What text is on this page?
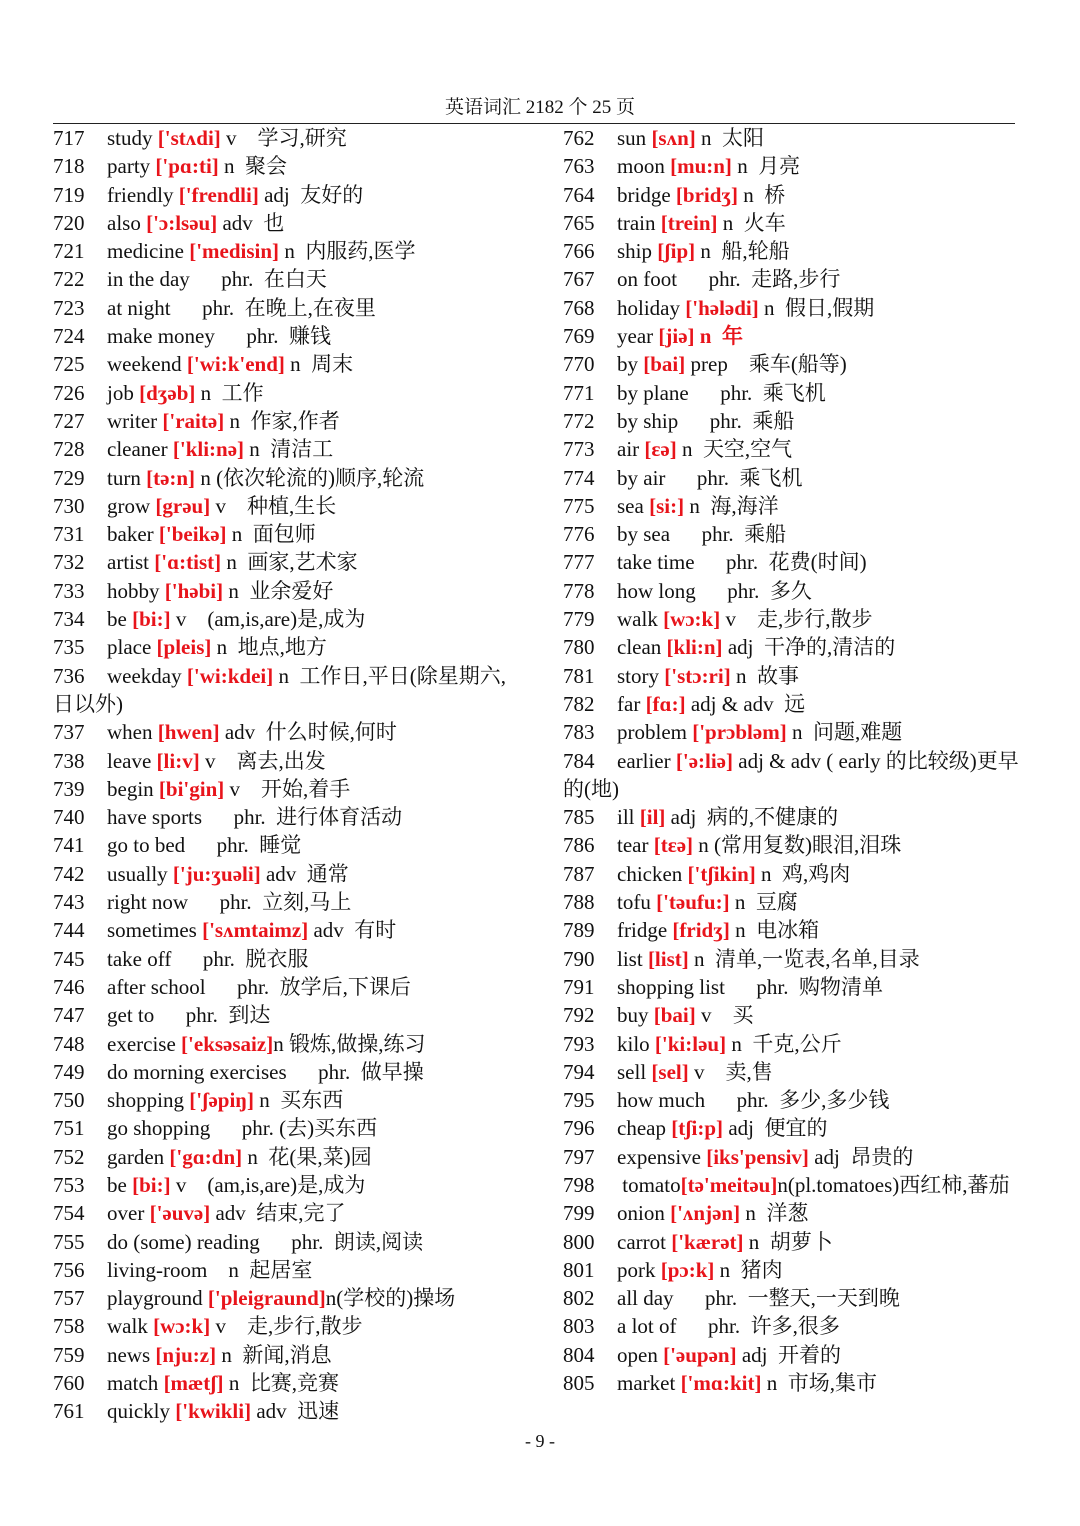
英语词汇 2182 个 25 页
717 study ['stʌdi] v    学习,研究
718 party ['pɑ:ti] n  聚会
719 friendly ['frendli] adj  友好的
720 also ['ɔ:lsəu] adv  也
721 medicine ['medisin] n  内服药,医学
722 in the day      phr.  在白天
723 at night      phr.  在晚上,在夜里
724 make money      phr.  赚钱
725 weekend ['wi:k'end] n  周末
726 job [dʒəb] n  工作
727 writer ['raitə] n  作家,作者
728 cleaner ['kli:nə] n  清洁工
729 turn [tə:n] n (依次轮流的)顺序,轮流
730 grow [grəu] v    种植,生长
731 baker ['beikə] n  面包师
732 artist ['ɑ:tist] n  画家,艺术家
733 hobby ['həbi] n  业余爱好
734 be [bi:] v    (am,is,are)是,成为
735 place [pleis] n  地点,地方
736 weekday ['wi:kdei] n  工作日,平日(除星期六,日以外)
737 when [hwen] adv  什么时候,何时
738 leave [li:v] v    离去,出发
739 begin [bi'gin] v    开始,着手
740 have sports      phr.  进行体育活动
741 go to bed      phr.  睡觉
742 usually ['ju:ʒuəli] adv  通常
743 right now      phr.  立刻,马上
744 sometimes ['sʌmtaimz] adv  有时
745 take off      phr.  脱衣服
746 after school      phr.  放学后,下课后
747 get to      phr.  到达
748 exercise ['eksəsaiz]n 锻炼,做操,练习
749 do morning exercises      phr.  做早操
750 shopping ['ʃəpiŋ] n  买东西
751 go shopping      phr. (去)买东西
752 garden ['gɑ:dn] n  花(果,菜)园
753 be [bi:] v    (am,is,are)是,成为
754 over ['əuvə] adv  结束,完了
755 do (some) reading      phr.  朗读,阅读
756 living-room    n  起居室
757 playground ['pleigraund]n(学校的)操场
758 walk [wɔ:k] v    走,步行,散步
759 news [nju:z] n  新闻,消息
760 match [mætʃ] n  比赛,竞赛
761 quickly ['kwikli] adv  迅速
762 sun [sʌn] n  太阳
763 moon [mu:n] n  月亮
764 bridge [bridʒ] n  桥
765 train [trein] n  火车
766 ship [ʃip] n  船,轮船
767 on foot      phr.  走路,步行
768 holiday ['hələdi] n  假日,假期
769 year [jiə] n  年
770 by [bai] prep    乘车(船等)
771 by plane      phr.  乘飞机
772 by ship      phr.  乘船
773 air [ɛə] n  天空,空气
774 by air      phr.  乘飞机
775 sea [si:] n  海,海洋
776 by sea      phr.  乘船
777 take time      phr.  花费(时间)
778 how long      phr.  多久
779 walk [wɔ:k] v    走,步行,散步
780 clean [kli:n] adj  干净的,清洁的
781 story ['stɔ:ri] n  故事
782 far [fɑ:] adj & adv  远
783 problem ['prɔbləm] n  问题,难题
784 earlier ['ə:liə] adj & adv ( early 的比较级)更早的(地)
785 ill [il] adj  病的,不健康的
786 tear [tɛə] n (常用复数)眼泪,泪珠
787 chicken ['tʃikin] n  鸡,鸡肉
788 tofu ['təufu:] n  豆腐
789 fridge [fridʒ] n  电冰箱
790 list [list] n  清单,一览表,名单,目录
791 shopping list      phr.  购物清单
792 buy [bai] v    买
793 kilo ['ki:ləu] n  千克,公斤
794 sell [sel] v    卖,售
795 how much      phr.  多少,多少钱
796 cheap [tʃi:p] adj  便宜的
797 expensive [iks'pensiv] adj  昂贵的
798 tomato[tə'meitəu]n(pl.tomatoes)西红柿,蕃茄
799 onion ['ʌnjən] n  洋葱
800 carrot ['kærət] n  胡萝卜
801 pork [pɔ:k] n  猪肉
802 all day      phr.  一整天,一天到晚
803 a lot of      phr.  许多,很多
804 open ['əupən] adj  开着的
805 market ['mɑ:kit] n  市场,集市
- 9 -
